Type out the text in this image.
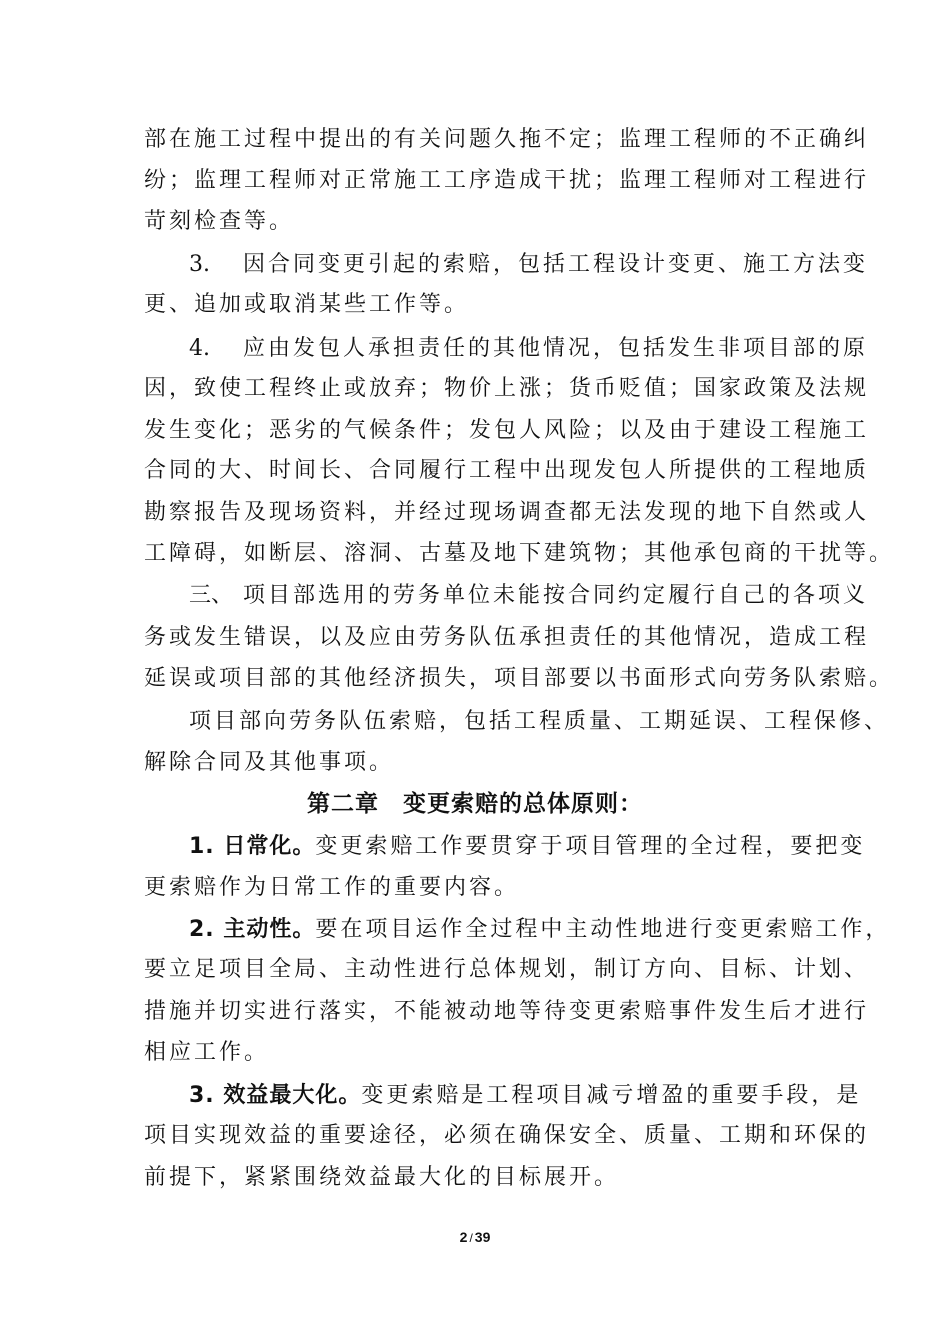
部在施工过程中提出的有关问题久拖不定；监理工程师的不正确纠
纷；监理工程师对正常施工工序造成干扰；监理工程师对工程进行
苛刻检查等。
3. 因合同变更引起的索赔，包括工程设计变更、施工方法变
更、追加或取消某些工作等。
4. 应由发包人承担责任的其他情况，包括发生非项目部的原
因，致使工程终止或放弃；物价上涨；货币贬值；国家政策及法规
发生变化；恶劣的气候条件；发包人风险；以及由于建设工程施工
合同的大、时间长、合同履行工程中出现发包人所提供的工程地质
勘察报告及现场资料，并经过现场调查都无法发现的地下自然或人
工障碍，如断层、溶洞、古墓及地下建筑物；其他承包商的干扰等。
三、 项目部选用的劳务单位未能按合同约定履行自己的各项义
务或发生错误，以及应由劳务队伍承担责任的其他情况，造成工程
延误或项目部的其他经济损失，项目部要以书面形式向劳务队索赔。
项目部向劳务队伍索赔，包括工程质量、工期延误、工程保修、
解除合同及其他事项。
第二章　变更索赔的总体原则：
1. 日常化。变更索赔工作要贯穿于项目管理的全过程，要把变
更索赔作为日常工作的重要内容。
2. 主动性。要在项目运作全过程中主动性地进行变更索赔工作，
要立足项目全局、主动性进行总体规划，制订方向、目标、计划、
措施并切实进行落实，不能被动地等待变更索赔事件发生后才进行
相应工作。
3. 效益最大化。变更索赔是工程项目减亏增盈的重要手段，是
项目实现效益的重要途径，必须在确保安全、质量、工期和环保的
前提下，紧紧围绕效益最大化的目标展开。
2 / 39
